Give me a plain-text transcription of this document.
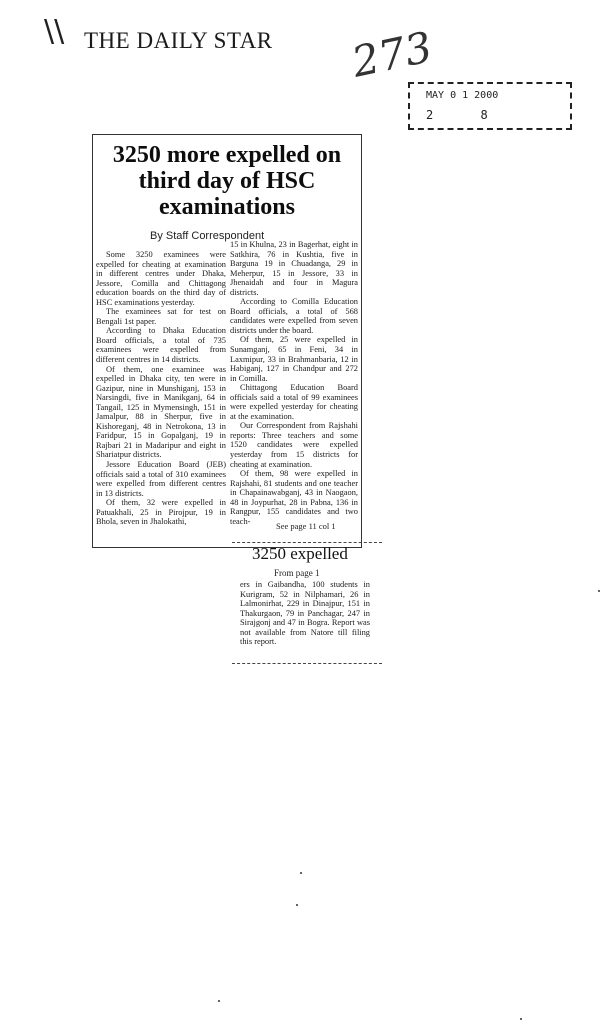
\\ THE DAILY STAR 273
MAY 0 1 2000
2	8
3250 more expelled on third day of HSC examinations
By Staff Correspondent

Some 3250 examinees were expelled for cheating at examination in different centres under Dhaka, Jessore, Comilla and Chittagong education boards on the third day of HSC examinations yesterday.

The examinees sat for test on Bengali 1st paper.

According to Dhaka Education Board officials, a total of 735 examinees were expelled from different centres in 14 districts.

Of them, one examinee was expelled in Dhaka city, ten were in Gazipur, nine in Munshiganj, 153 in Narsingdi, five in Manikganj, 64 in Tangail, 125 in Mymensingh, 151 in Jamalpur, 88 in Sherpur, five in Kishoreganj, 48 in Netrokona, 13 in Faridpur, 15 in Gopalganj, 19 in Rajbari 21 in Madaripur and eight in Shariatpur districts.

Jessore Education Board (JEB) officials said a total of 310 examinees were expelled from different centres in 13 districts.

Of them, 32 were expelled in Patuakhali, 25 in Pirojpur, 19 in Bhola, seven in Jhalokathi,

15 in Khulna, 23 in Bagerhat, eight in Satkhira, 76 in Kushtia, five in Barguna 19 in Chuadanga, 29 in Meherpur, 15 in Jessore, 33 in Jhenaidah and four in Magura districts.

According to Comilla Education Board officials, a total of 568 candidates were expelled from seven districts under the board.

Of them, 25 were expelled in Sunamganj, 65 in Feni, 34 in Laxmipur, 33 in Brahmanbaria, 12 in Habiganj, 127 in Chandpur and 272 in Comilla.

Chittagong Education Board officials said a total of 99 examinees were expelled yesterday for cheating at the examination.

Our Correspondent from Rajshahi reports: Three teachers and some 1520 candidates were expelled yesterday from 15 districts for cheating at examination.

Of them, 98 were expelled in Rajshahi, 81 students and one teacher in Chapainawabganj, 43 in Naogaon, 48 in Joypurhat, 28 in Pabna, 136 in Rangpur, 155 candidates and two teach-	See page 11 col 1
3250 expelled
From page 1

ers in Gaibandha, 100 students in Kurigram, 52 in Nilphamari, 26 in Lalmonirhat, 229 in Dinajpur, 151 in Thakurgaon, 79 in Panchagar, 247 in Sirajgonj and 47 in Bogra. Report was not available from Natore till filing this report.
